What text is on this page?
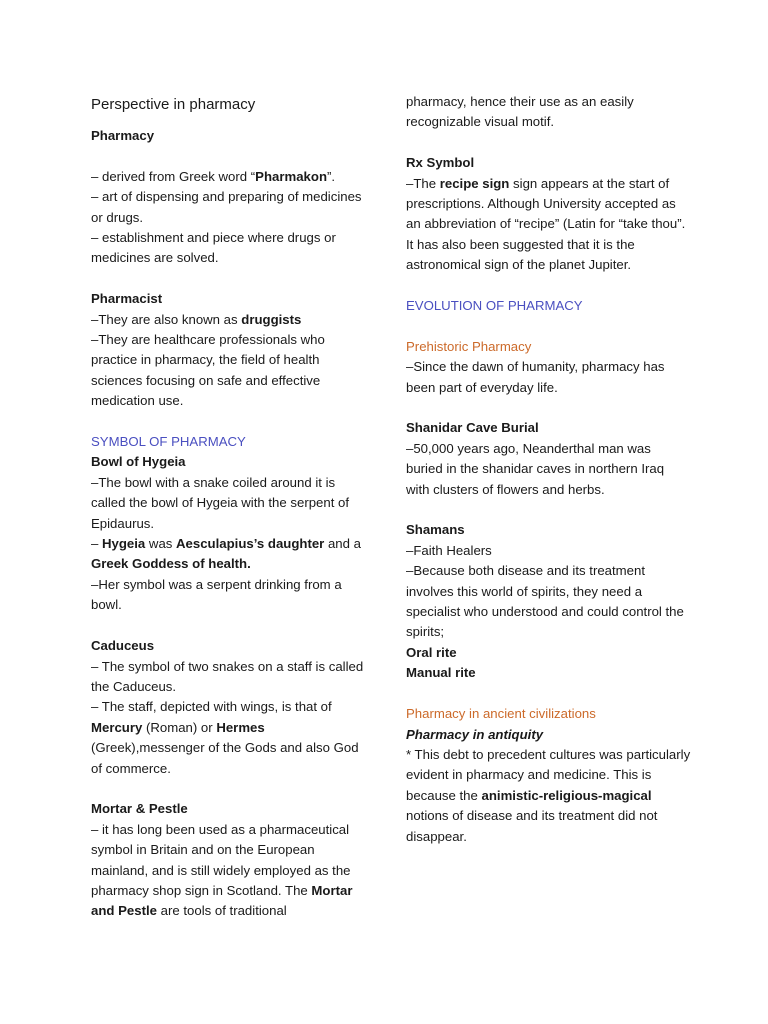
Perspective in pharmacy

Pharmacy

– derived from Greek word “Pharmakon”.

– art of dispensing and preparing of medicines or drugs.

– establishment and piece where drugs or medicines are solved.

Pharmacist

–They are also known as druggists

–They are healthcare professionals who practice in pharmacy, the field of health sciences focusing on safe and effective medication use.

SYMBOL OF PHARMACY

Bowl of Hygeia

–The bowl with a snake coiled around it is called the bowl of Hygeia with the serpent of Epidaurus.

– Hygeia was Aesculapius’s daughter and a Greek Goddess of health.

–Her symbol was a serpent drinking from a bowl.

Caduceus

– The symbol of two snakes on a staff is called the Caduceus.

– The staff, depicted with wings, is that of Mercury (Roman) or Hermes (Greek),messenger of the Gods and also God of commerce.

Mortar & Pestle

– it has long been used as a pharmaceutical symbol in Britain and on the European mainland, and is still widely employed as the pharmacy shop sign in Scotland. The Mortar and Pestle are tools of traditional

pharmacy, hence their use as an easily recognizable visual motif.

Rx Symbol

–The recipe sign sign appears at the start of prescriptions. Although University accepted as an abbreviation of “recipe” (Latin for “take thou”. It has also been suggested that it is the astronomical sign of the planet Jupiter.

EVOLUTION OF PHARMACY

Prehistoric Pharmacy

–Since the dawn of humanity, pharmacy has been part of everyday life.

Shanidar Cave Burial

–50,000 years ago, Neanderthal man was buried in the shanidar caves in northern Iraq with clusters of flowers and herbs.

Shamans

–Faith Healers

–Because both disease and its treatment involves this world of spirits, they need a specialist who understood and could control the spirits;

Oral rite

Manual rite

Pharmacy in ancient civilizations

Pharmacy in antiquity

* This debt to precedent cultures was particularly evident in pharmacy and medicine. This is because the animistic-religious-magical notions of disease and its treatment did not disappear.
